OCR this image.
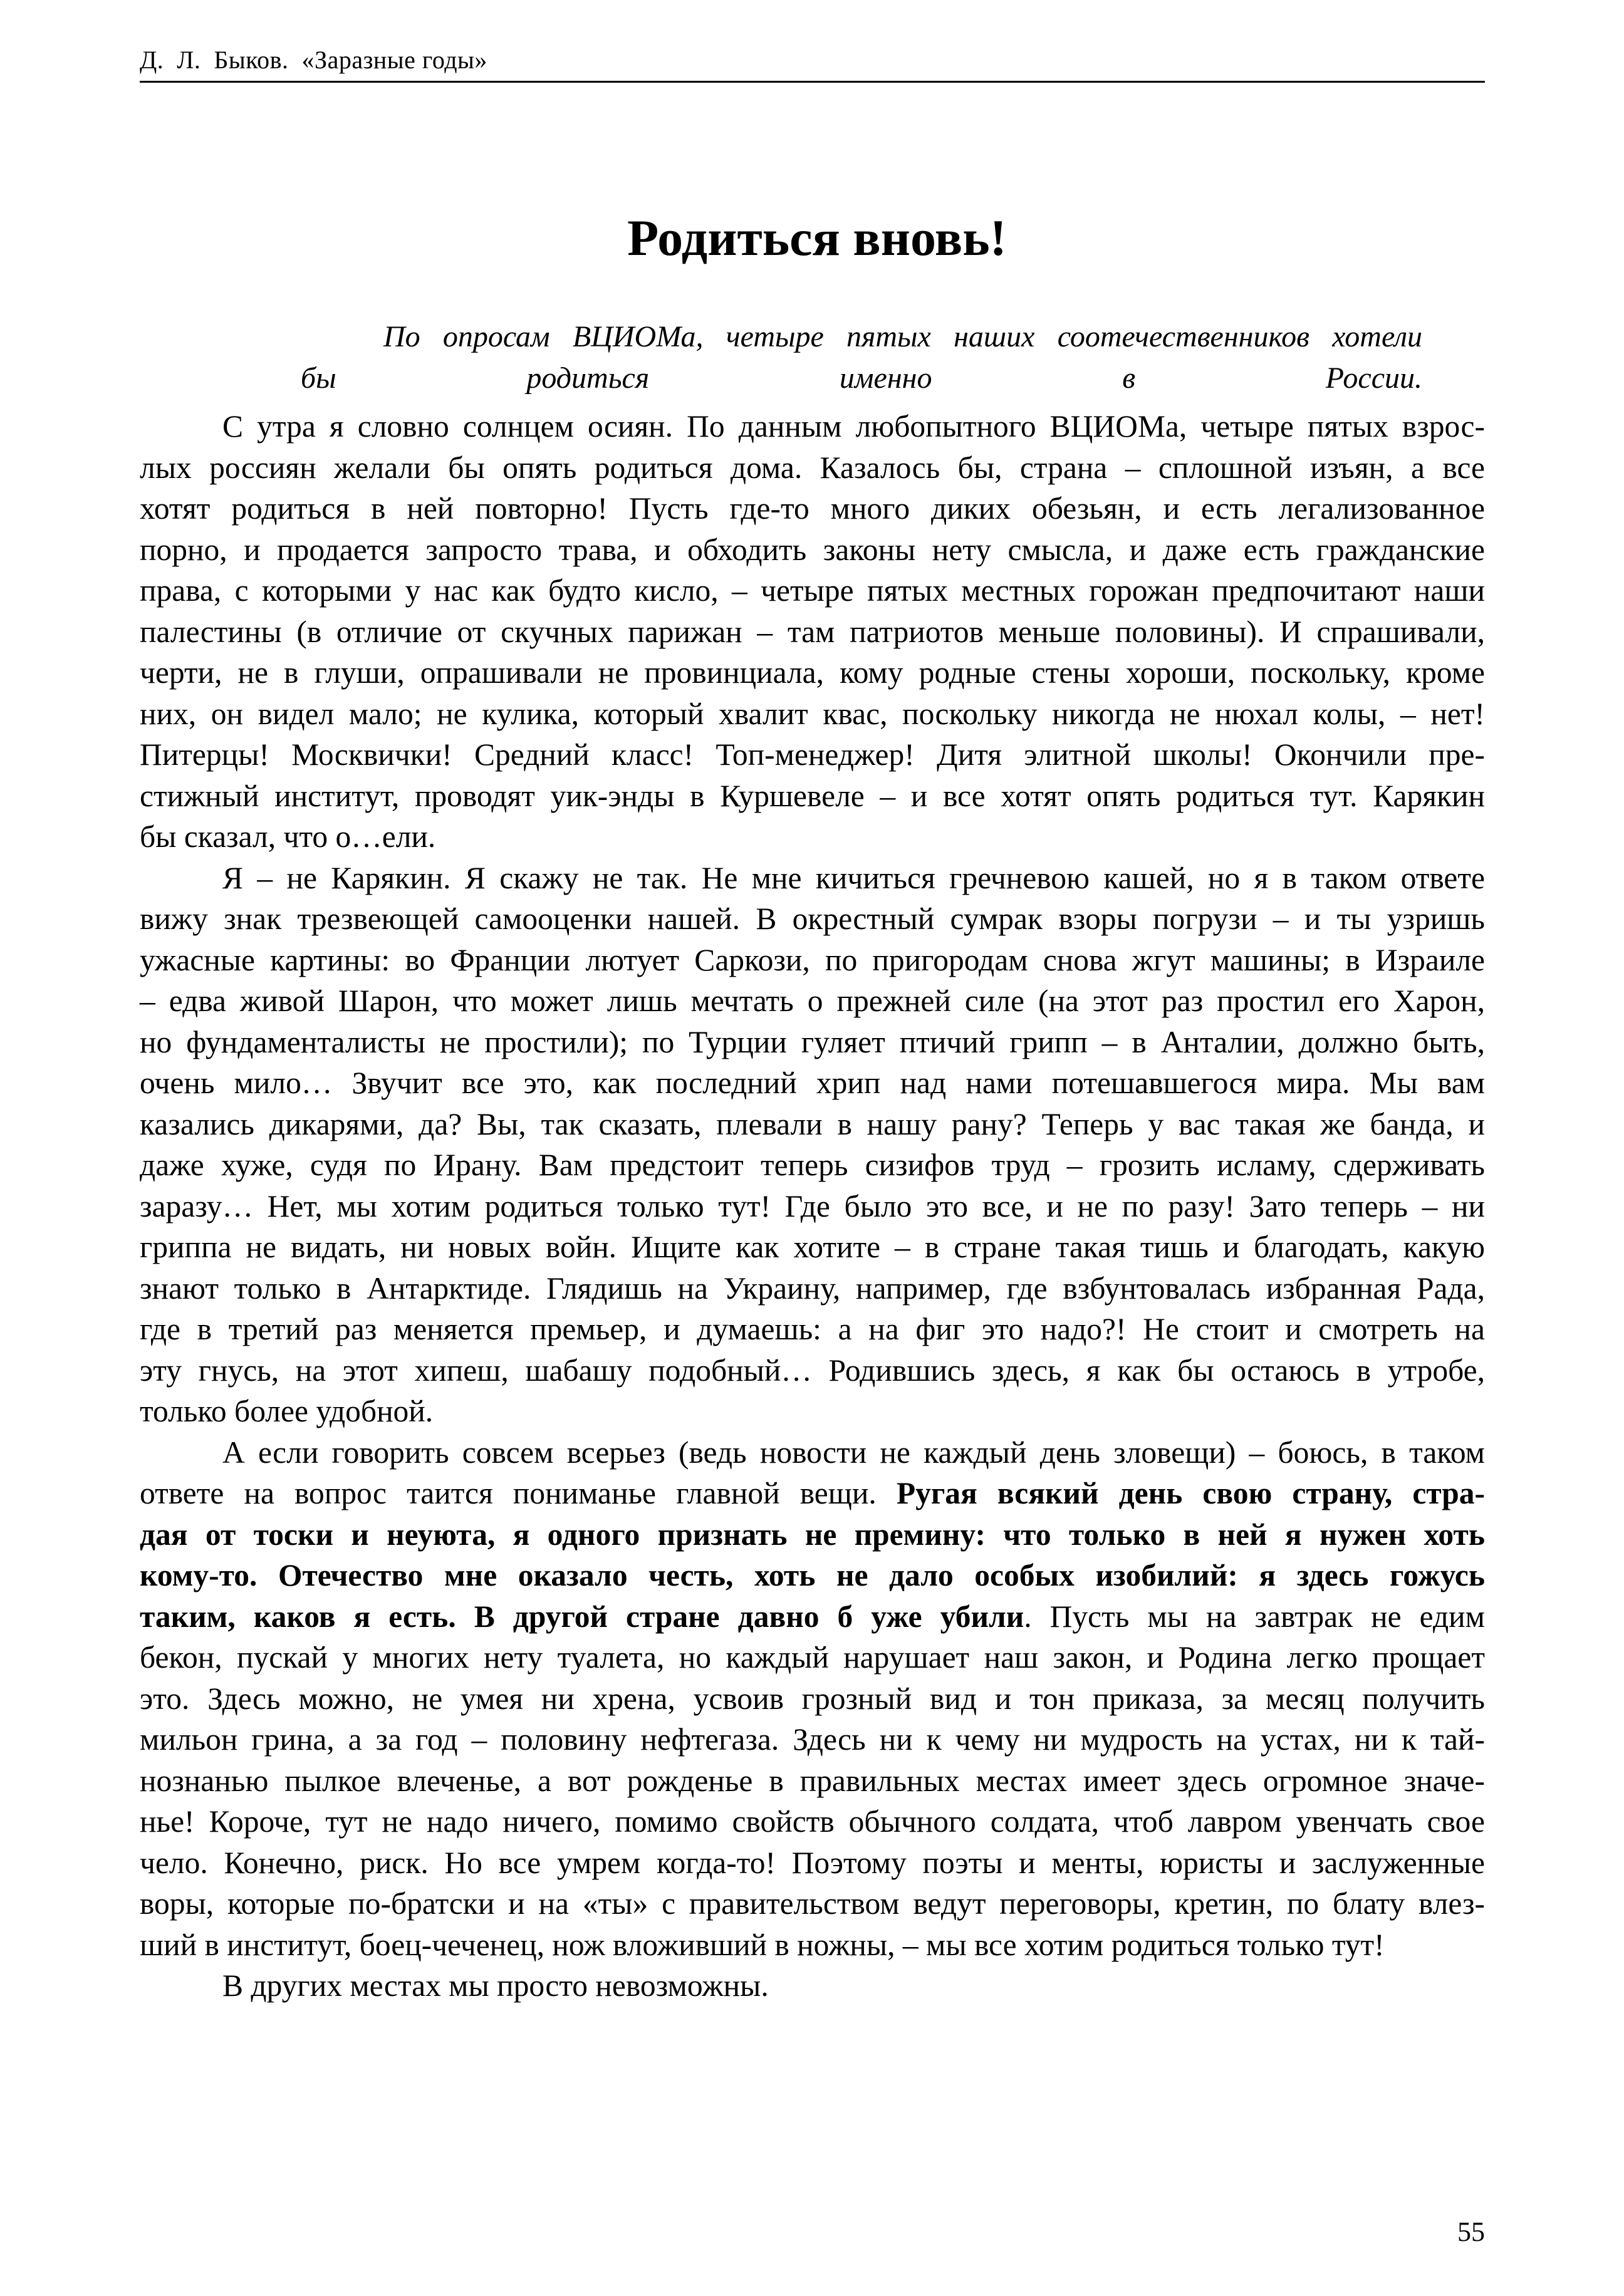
Д.  Л.  Быков.  «Заразные годы»
Родиться вновь!
По опросам ВЦИОМа, четыре пятых наших соотечественников хотели
бы родиться именно в России.
С утра я словно солнцем осиян. По данным любопытного ВЦИОМа, четыре пятых взрос-
лых россиян желали бы опять родиться дома. Казалось бы, страна – сплошной изъян, а все
хотят родиться в ней повторно! Пусть где-то много диких обезьян, и есть легализованное
порно, и продается запросто трава, и обходить законы нету смысла, и даже есть гражданские
права, с которыми у нас как будто кисло, – четыре пятых местных горожан предпочитают наши
палестины (в отличие от скучных парижан – там патриотов меньше половины). И спрашивали,
черти, не в глуши, опрашивали не провинциала, кому родные стены хороши, поскольку, кроме
них, он видел мало; не кулика, который хвалит квас, поскольку никогда не нюхал колы, – нет!
Питерцы! Москвички! Средний класс! Топ-менеджер! Дитя элитной школы! Окончили пре-
стижный институт, проводят уик-энды в Куршевеле – и все хотят опять родиться тут. Карякин
бы сказал, что о…ели.
Я – не Карякин. Я скажу не так. Не мне кичиться гречневою кашей, но я в таком ответе
вижу знак трезвеющей самооценки нашей. В окрестный сумрак взоры погрузи – и ты узришь
ужасные картины: во Франции лютует Саркози, по пригородам снова жгут машины; в Израиле
– едва живой Шарон, что может лишь мечтать о прежней силе (на этот раз простил его Харон,
но фундаменталисты не простили); по Турции гуляет птичий грипп – в Анталии, должно быть,
очень мило… Звучит все это, как последний хрип над нами потешавшегося мира. Мы вам
казались дикарями, да? Вы, так сказать, плевали в нашу рану? Теперь у вас такая же банда, и
даже хуже, судя по Ирану. Вам предстоит теперь сизифов труд – грозить исламу, сдерживать
заразу… Нет, мы хотим родиться только тут! Где было это все, и не по разу! Зато теперь – ни
гриппа не видать, ни новых войн. Ищите как хотите – в стране такая тишь и благодать, какую
знают только в Антарктиде. Глядишь на Украину, например, где взбунтовалась избранная Рада,
где в третий раз меняется премьер, и думаешь: а на фиг это надо?! Не стоит и смотреть на
эту гнусь, на этот хипеш, шабашу подобный… Родившись здесь, я как бы остаюсь в утробе,
только более удобной.
А если говорить совсем всерьез (ведь новости не каждый день зловещи) – боюсь, в таком
ответе на вопрос таится пониманье главной вещи. Ругая всякий день свою страну, стра-
дая от тоски и неуюта, я одного признать не премину: что только в ней я нужен хоть
кому-то. Отечество мне оказало честь, хоть не дало особых изобилий: я здесь гожусь
таким, каков я есть. В другой стране давно б уже убили. Пусть мы на завтрак не едим
бекон, пускай у многих нету туалета, но каждый нарушает наш закон, и Родина легко прощает
это. Здесь можно, не умея ни хрена, усвоив грозный вид и тон приказа, за месяц получить
мильон грина, а за год – половину нефтегаза. Здесь ни к чему ни мудрость на устах, ни к тай-
нознанью пылкое влеченье, а вот рожденье в правильных местах имеет здесь огромное значе-
нье! Короче, тут не надо ничего, помимо свойств обычного солдата, чтоб лавром увенчать свое
чело. Конечно, риск. Но все умрем когда-то! Поэтому поэты и менты, юристы и заслуженные
воры, которые по-братски и на «ты» с правительством ведут переговоры, кретин, по блату влез-
ший в институт, боец-чеченец, нож вложивший в ножны, – мы все хотим родиться только тут!
В других местах мы просто невозможны.
55
